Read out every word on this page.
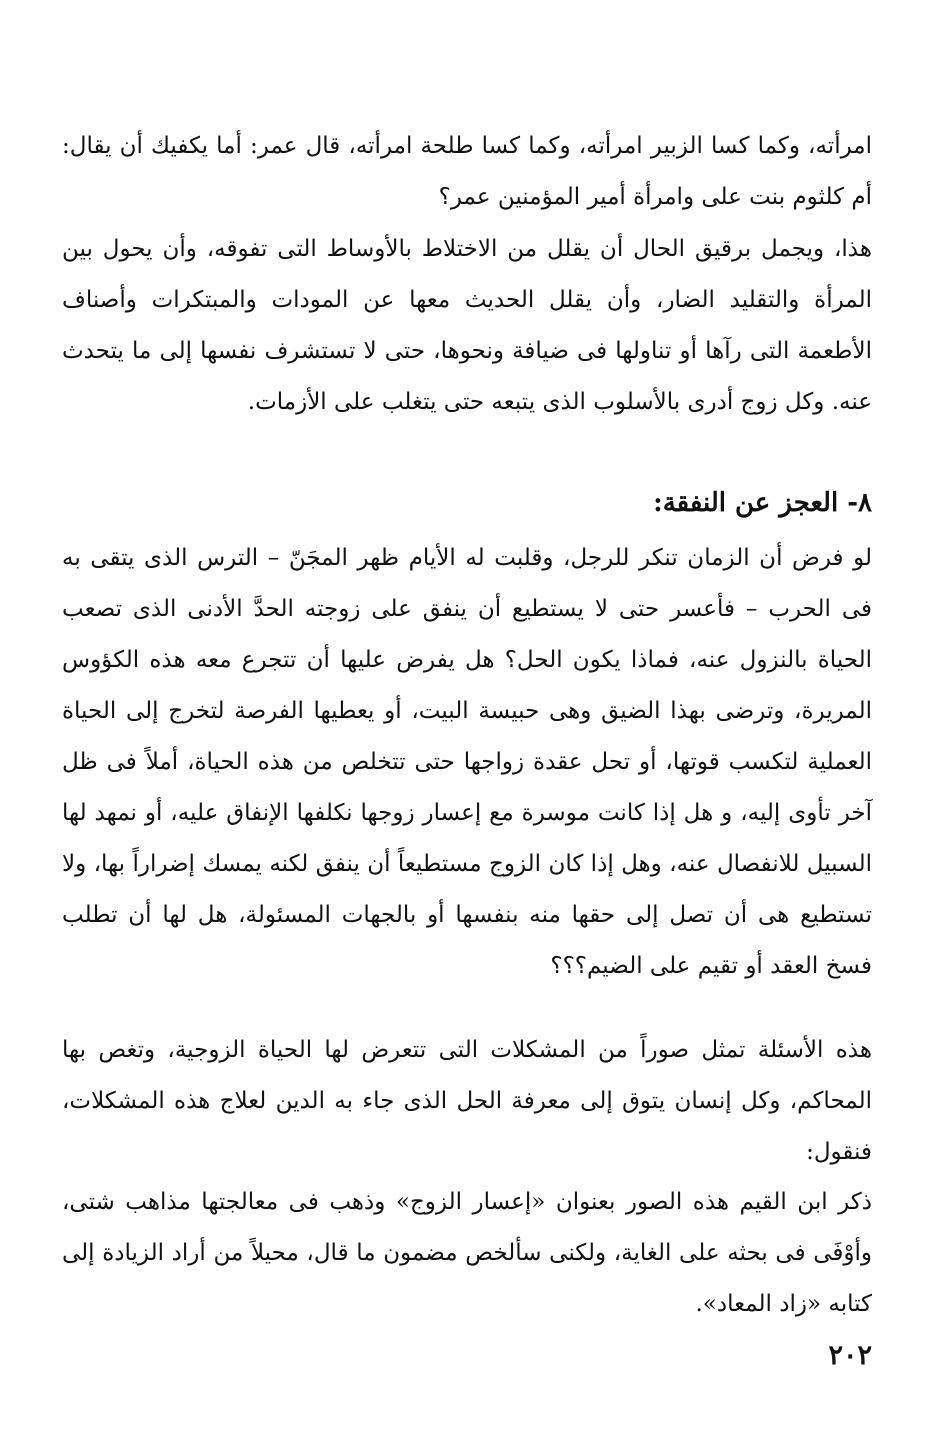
امرأته، وكما كسا الزبير امرأته، وكما كسا طلحة امرأته، قال عمر: أما يكفيك أن يقال: أم كلثوم بنت على وامرأة أمير المؤمنين عمر؟

هذا، ويجمل برقيق الحال أن يقلل من الاختلاط بالأوساط التى تفوقه، وأن يحول بين المرأة والتقليد الضار، وأن يقلل الحديث معها عن المودات والمبتكرات وأصناف الأطعمة التى رآها أو تناولها فى ضيافة ونحوها، حتى لا تستشرف نفسها إلى ما يتحدث عنه. وكل زوج أدرى بالأسلوب الذى يتبعه حتى يتغلب على الأزمات.

٨- العجز عن النفقة:

لو فرض أن الزمان تنكر للرجل، وقلبت له الأيام ظهر المجَنّ – الترس الذى يتقى به فى الحرب – فأعسر حتى لا يستطيع أن ينفق على زوجته الحدَّ الأدنى الذى تصعب الحياة بالنزول عنه، فماذا يكون الحل؟ هل يفرض عليها أن تتجرع معه هذه الكؤوس المريرة، وترضى بهذا الضيق وهى حبيسة البيت، أو يعطيها الفرصة لتخرج إلى الحياة العملية لتكسب قوتها، أو تحل عقدة زواجها حتى تتخلص من هذه الحياة، أملاً فى ظل آخر تأوى إليه، و هل إذا كانت موسرة مع إعسار زوجها نكلفها الإنفاق عليه، أو نمهد لها السبيل للانفصال عنه، وهل إذا كان الزوج مستطيعاً أن ينفق لكنه يمسك إضراراً بها، ولا تستطيع هى أن تصل إلى حقها منه بنفسها أو بالجهات المسئولة، هل لها أن تطلب فسخ العقد أو تقيم على الضيم؟؟؟

هذه الأسئلة تمثل صوراً من المشكلات التى تتعرض لها الحياة الزوجية، وتغص بها المحاكم، وكل إنسان يتوق إلى معرفة الحل الذى جاء به الدين لعلاج هذه المشكلات، فنقول:

ذكر ابن القيم هذه الصور بعنوان «إعسار الزوج» وذهب فى معالجتها مذاهب شتى، وأوْفَى فى بحثه على الغاية، ولكنى سألخص مضمون ما قال، محيلاً من أراد الزيادة إلى كتابه «زاد المعاد».

٢٠٢
